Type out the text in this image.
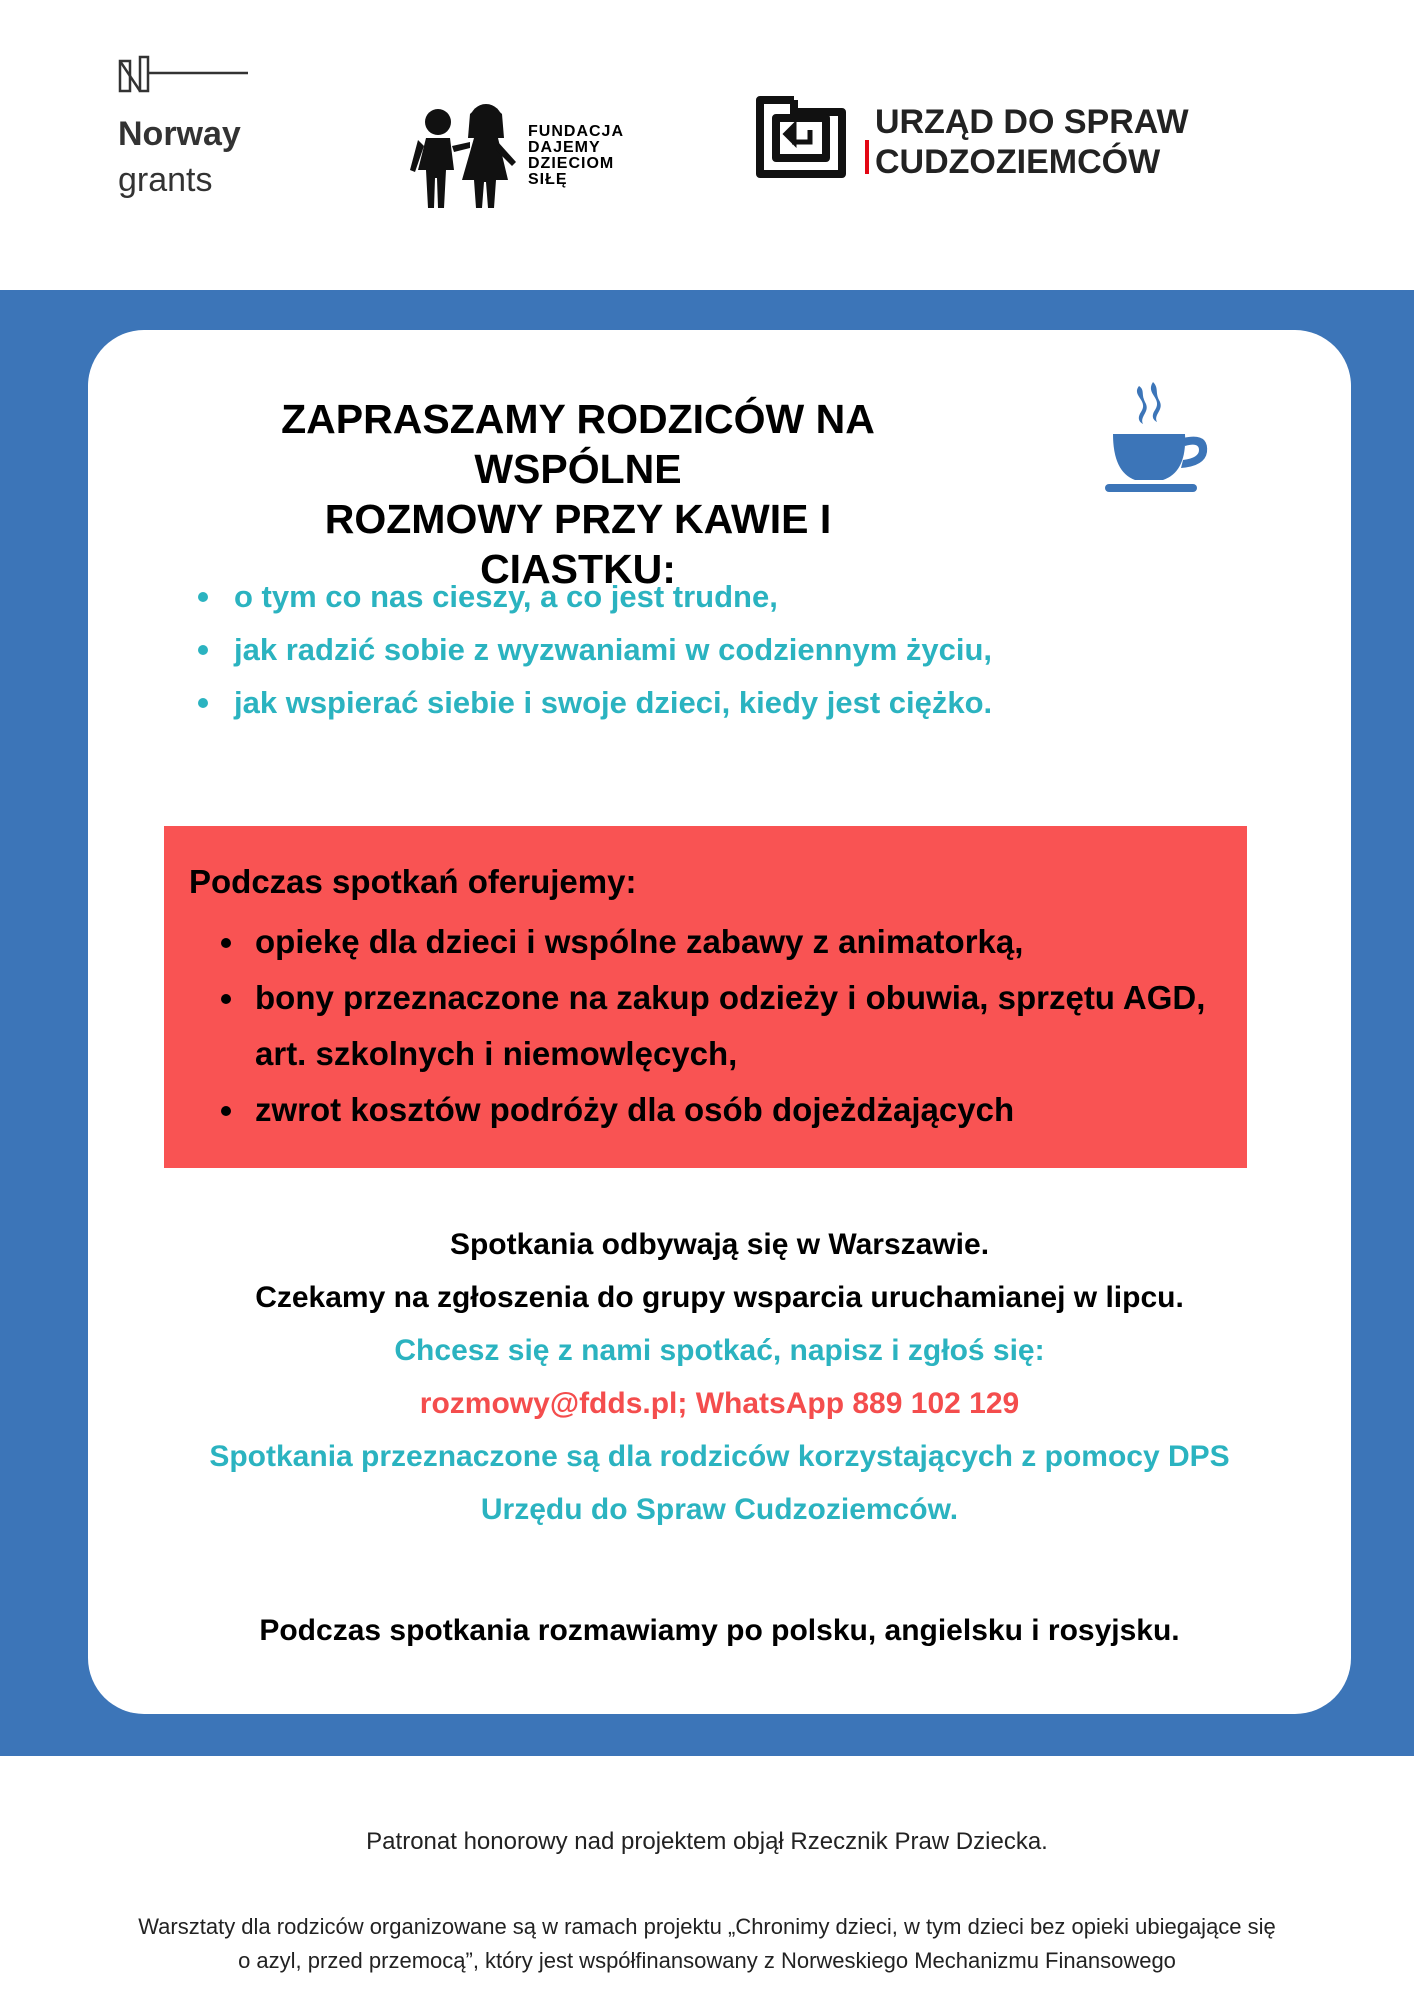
Norway
grants
FUNDACJA
DAJEMY
DZIECIOM
SIŁĘ
URZĄD DO SPRAW
CUDZOZIEMCÓW
ZAPRASZAMY RODZICÓW NA WSPÓLNE
ROZMOWY PRZY KAWIE I CIASTKU:
o tym co nas cieszy, a co jest trudne,
jak radzić sobie z wyzwaniami w codziennym życiu,
jak wspierać siebie i swoje dzieci, kiedy jest ciężko.
Podczas spotkań oferujemy:
opiekę dla dzieci i wspólne zabawy z animatorką,
bony przeznaczone na zakup odzieży i obuwia, sprzętu AGD, art. szkolnych i niemowlęcych,
zwrot kosztów podróży dla osób dojeżdżających
Spotkania odbywają się w Warszawie.
Czekamy na zgłoszenia do grupy wsparcia uruchamianej w lipcu.
Chcesz się z nami spotkać, napisz i zgłoś się:
rozmowy@fdds.pl; WhatsApp 889 102 129
Spotkania przeznaczone są dla rodziców korzystających z pomocy DPS
Urzędu do Spraw Cudzoziemców.
Podczas spotkania rozmawiamy po polsku, angielsku i rosyjsku.
Patronat honorowy nad projektem objął Rzecznik Praw Dziecka.
Warsztaty dla rodziców organizowane są w ramach projektu „Chronimy dzieci, w tym dzieci bez opieki ubiegające się
o azyl, przed przemocą”, który jest współfinansowany z Norweskiego Mechanizmu Finansowego
